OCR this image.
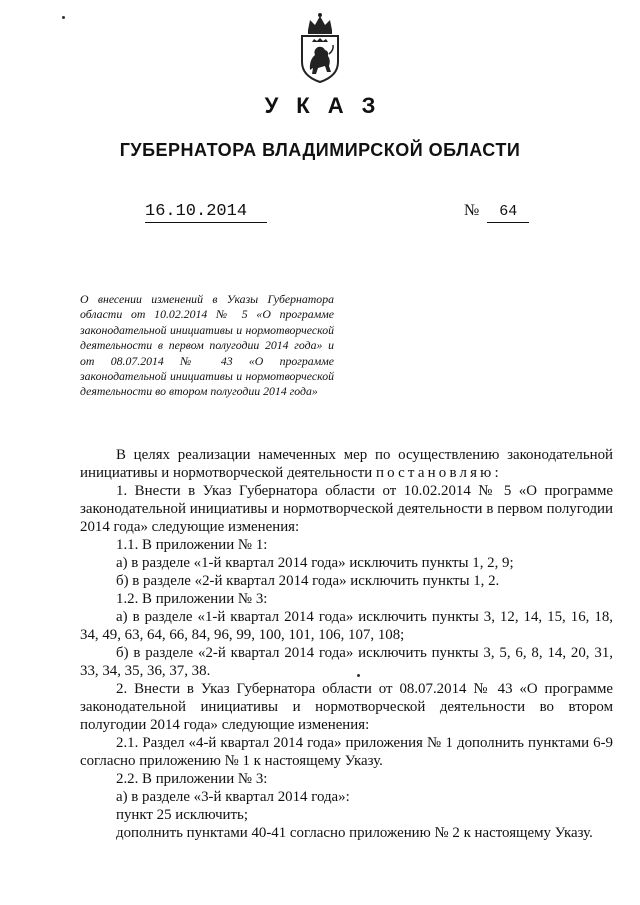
УКАЗ
ГУБЕРНАТОРА ВЛАДИМИРСКОЙ ОБЛАСТИ
16.10.2014	№ 64
О внесении изменений в Указы Губернатора области от 10.02.2014 № 5 «О программе законодательной инициативы и нормотворческой деятельности в первом полугодии 2014 года» и от 08.07.2014 № 43 «О программе законодательной инициативы и нормотворческой деятельности во втором полугодии 2014 года»

В целях реализации намеченных мер по осуществлению законодательной инициативы и нормотворческой деятельности постановляю:

1. Внести в Указ Губернатора области от 10.02.2014 № 5 «О программе законодательной инициативы и нормотворческой деятельности в первом полугодии 2014 года» следующие изменения:

1.1. В приложении № 1:

а) в разделе «1-й квартал 2014 года» исключить пункты 1, 2, 9;

б) в разделе «2-й квартал 2014 года» исключить пункты 1, 2.

1.2. В приложении № 3:

а) в разделе «1-й квартал 2014 года» исключить пункты 3, 12, 14, 15, 16, 18, 34, 49, 63, 64, 66, 84, 96, 99, 100, 101, 106, 107, 108;

б) в разделе «2-й квартал 2014 года» исключить пункты 3, 5, 6, 8, 14, 20, 31, 33, 34, 35, 36, 37, 38.

2. Внести в Указ Губернатора области от 08.07.2014 № 43 «О программе законодательной инициативы и нормотворческой деятельности во втором полугодии 2014 года» следующие изменения:

2.1. Раздел «4-й квартал 2014 года» приложения № 1 дополнить пунктами 6-9 согласно приложению № 1 к настоящему Указу.

2.2. В приложении № 3:

а) в разделе «3-й квартал 2014 года»:

пункт 25 исключить;

дополнить пунктами 40-41 согласно приложению № 2 к настоящему Указу.
